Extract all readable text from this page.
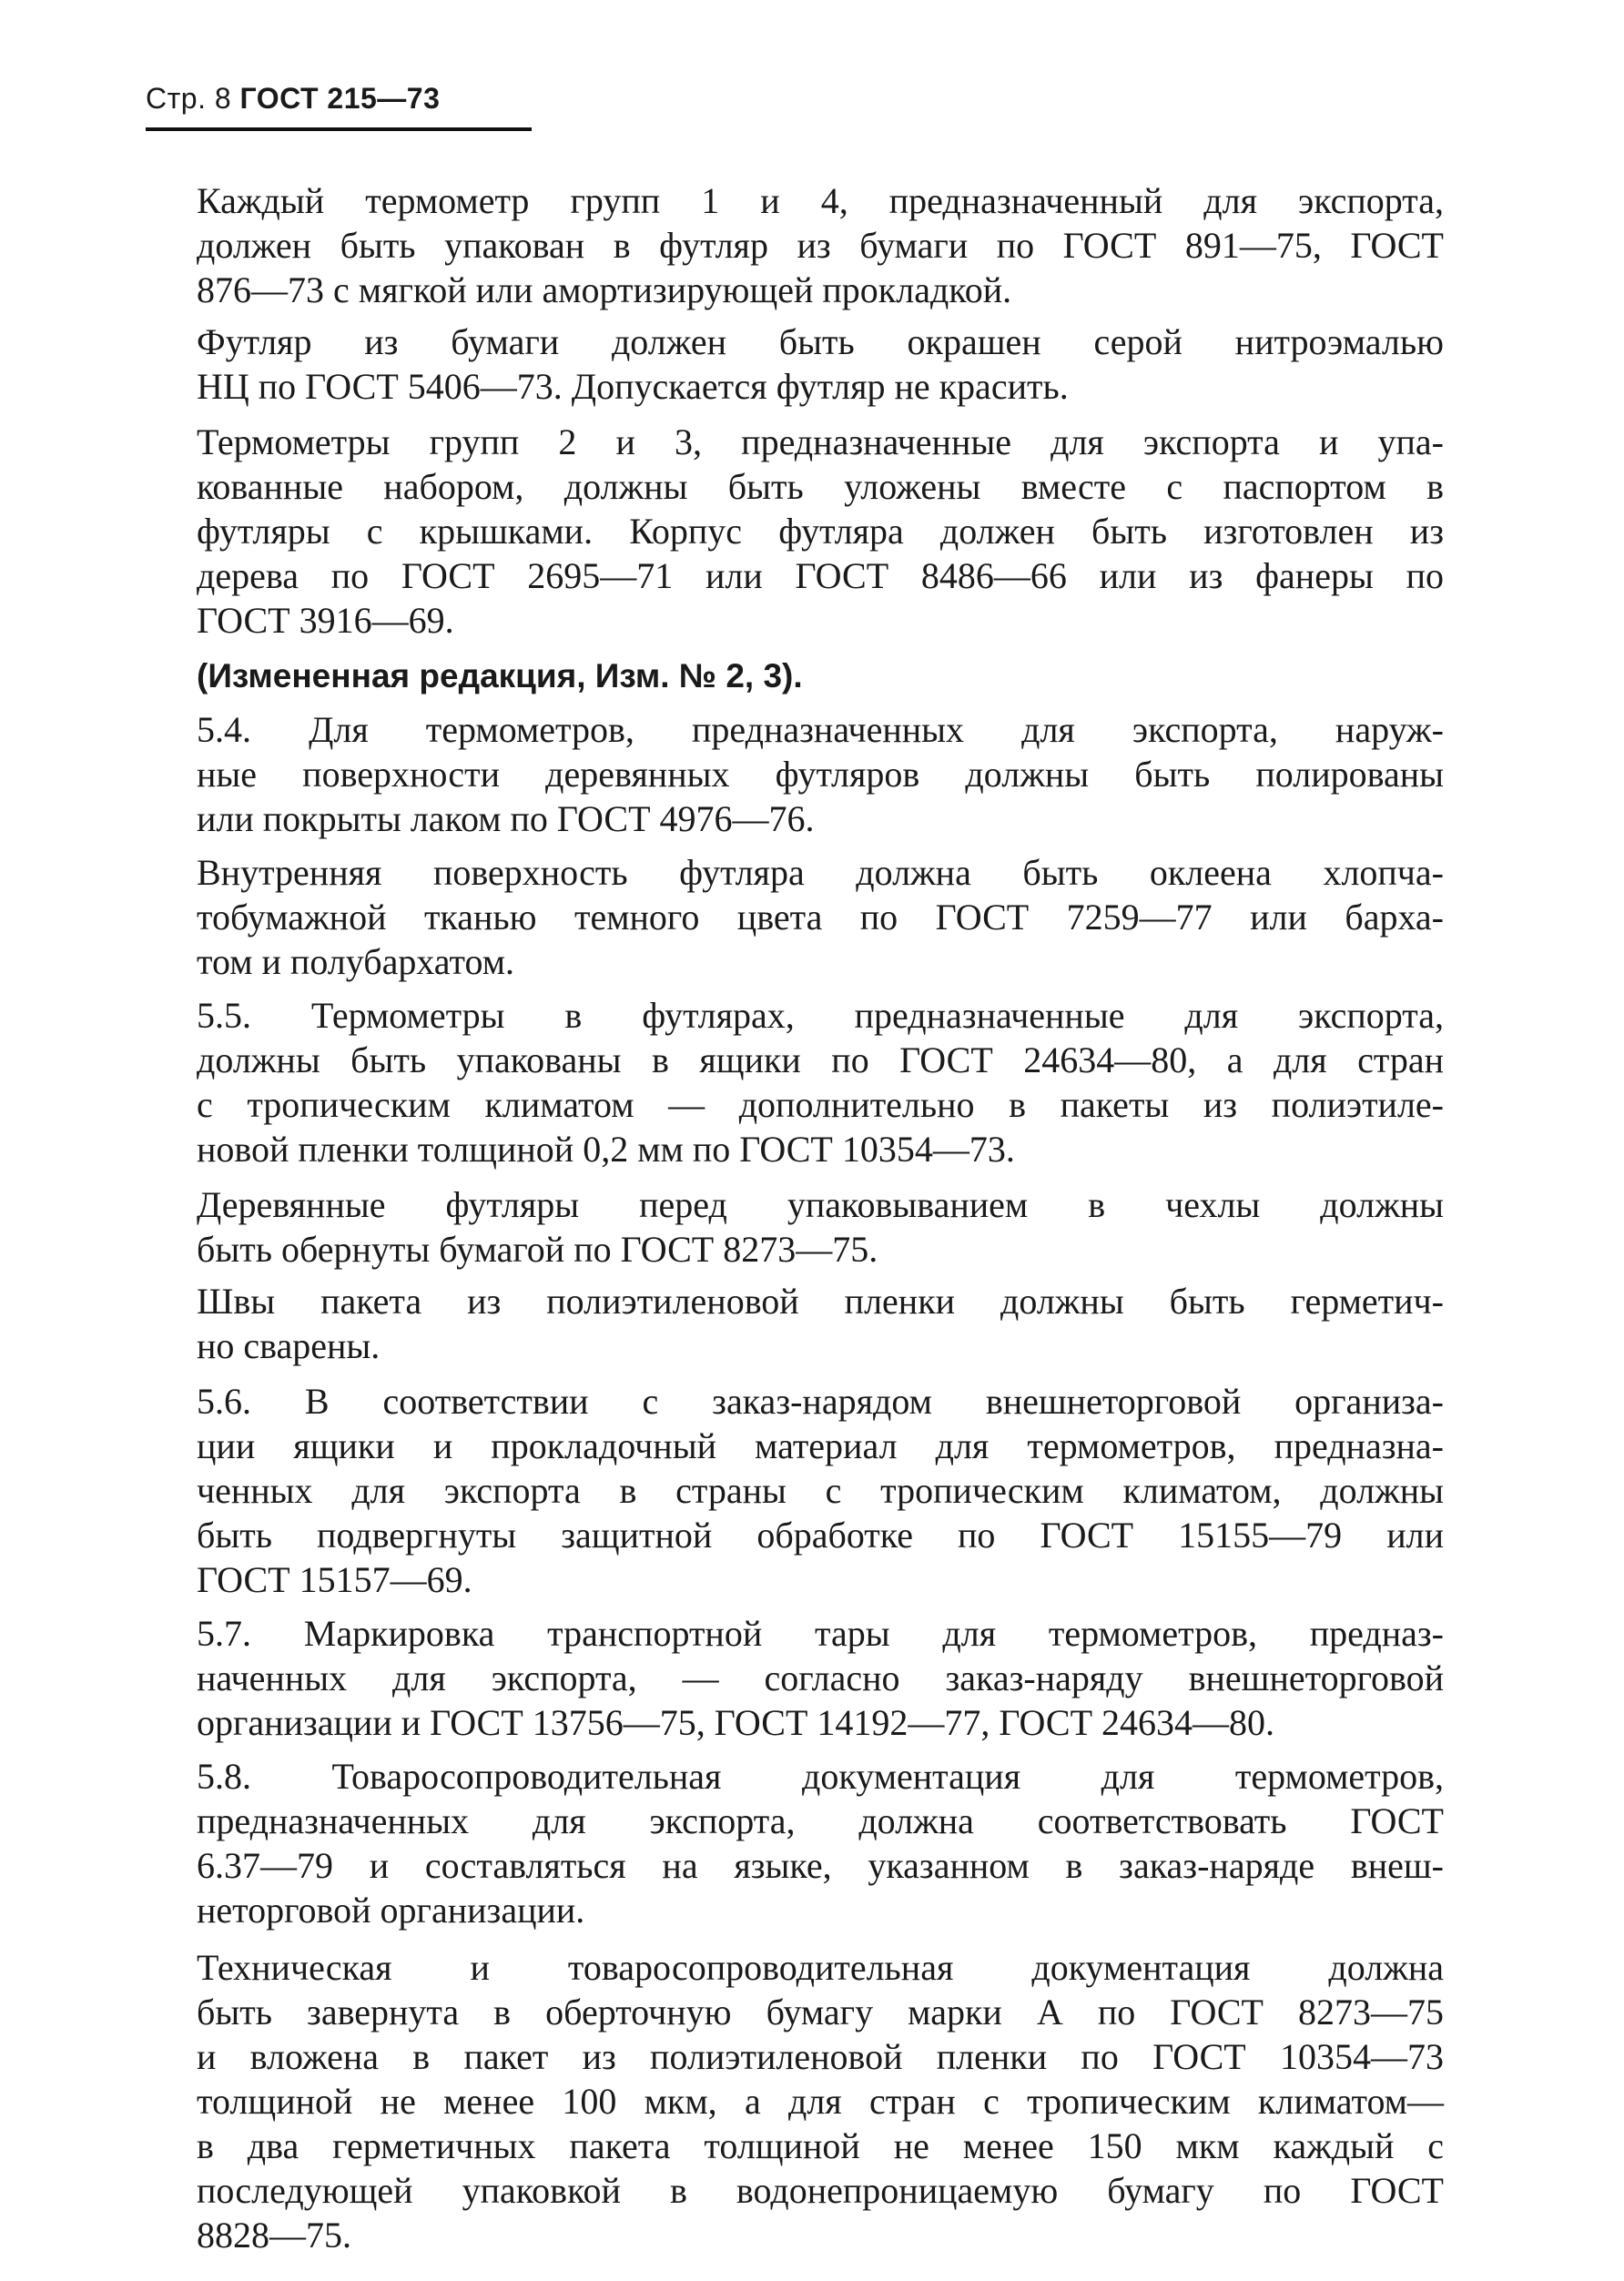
Стр. 8 ГОСТ 215—73

Каждый термометр групп 1 и 4, предназначенный для экспорта,
должен быть упакован в футляр из бумаги по ГОСТ 891—75, ГОСТ
876—73 с мягкой или амортизирующей прокладкой.

Футляр из бумаги должен быть окрашен серой нитроэмалью
НЦ по ГОСТ 5406—73. Допускается футляр не красить.

Термометры групп 2 и 3, предназначенные для экспорта и упа-
кованные набором, должны быть уложены вместе с паспортом в
футляры с крышками. Корпус футляра должен быть изготовлен из
дерева по ГОСТ 2695—71 или ГОСТ 8486—66 или из фанеры по
ГОСТ 3916—69.

(Измененная редакция, Изм. № 2, 3).

5.4. Для термометров, предназначенных для экспорта, наруж-
ные поверхности деревянных футляров должны быть полированы
или покрыты лаком по ГОСТ 4976—76.

Внутренняя поверхность футляра должна быть оклеена хлопча-
тобумажной тканью темного цвета по ГОСТ 7259—77 или барха-
том и полубархатом.

5.5. Термометры в футлярах, предназначенные для экспорта,
должны быть упакованы в ящики по ГОСТ 24634—80, а для стран
с тропическим климатом — дополнительно в пакеты из полиэтиле-
новой пленки толщиной 0,2 мм по ГОСТ 10354—73.

Деревянные футляры перед упаковыванием в чехлы должны
быть обернуты бумагой по ГОСТ 8273—75.

Швы пакета из полиэтиленовой пленки должны быть герметич-
но сварены.

5.6. В соответствии с заказ-нарядом внешнеторговой организа-
ции ящики и прокладочный материал для термометров, предназна-
ченных для экспорта в страны с тропическим климатом, должны
быть подвергнуты защитной обработке по ГОСТ 15155—79 или
ГОСТ 15157—69.

5.7. Маркировка транспортной тары для термометров, предназ-
наченных для экспорта, — согласно заказ-наряду внешнеторговой
организации и ГОСТ 13756—75, ГОСТ 14192—77, ГОСТ 24634—80.

5.8. Товаросопроводительная документация для термометров,
предназначенных для экспорта, должна соответствовать ГОСТ
6.37—79 и составляться на языке, указанном в заказ-наряде внеш-
неторговой организации.

Техническая и товаросопроводительная документация должна
быть завернута в оберточную бумагу марки А по ГОСТ 8273—75
и вложена в пакет из полиэтиленовой пленки по ГОСТ 10354—73
толщиной не менее 100 мкм, а для стран с тропическим климатом—
в два герметичных пакета толщиной не менее 150 мкм каждый с
последующей упаковкой в водонепроницаемую бумагу по ГОСТ
8828—75.
